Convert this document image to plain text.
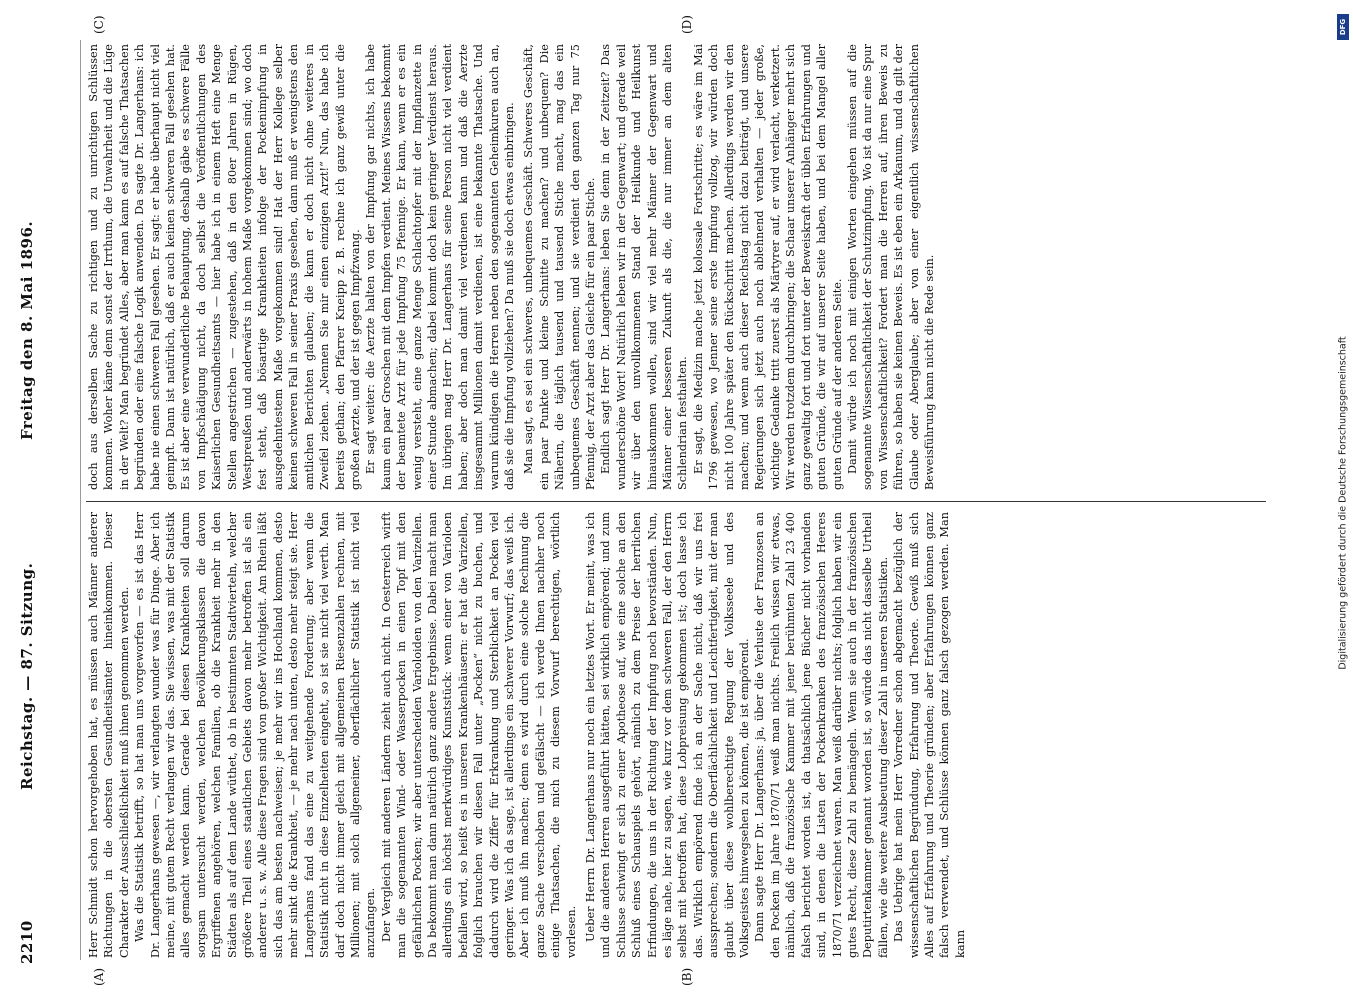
2210
Reichstag. — 87. Sitzung.
Freitag den 8. Mai 1896.
(A)	(B)
(C)	(D)

Herr Schmidt schon hervorgehoben hat, es müssen auch Männer anderer Richtungen in die obersten Gesundheitsämter hineinkommen. Dieser Charakter der Ausschließlichkeit muß ihnen genommen werden. Was die Statistik betrifft, so hat man uns vorgeworfen — es ist das Herr Dr. Langerhans gewesen —, wir verlangten wunder was für Dinge. Aber ich meine, mit gutem Recht verlangen wir das. Sie wissen, was mit der Statistik alles gemacht werden kann. Gerade bei diesen Krankheiten soll darum sorgsam untersucht werden, welchen Bevölkerungsklassen die davon Ergriffenen angehören, welchen Familien, ob die Krankheit mehr in den Städten als auf dem Lande wüthet, ob in bestimmten Stadtvierteln, welcher größere Theil eines staatlichen Gebiets davon mehr betroffen ist als ein anderer u. s. w. Alle diese Fragen sind von großer Wichtigkeit. Am Rhein läßt sich das am besten nachweisen; je mehr wir ins Hochland kommen, desto mehr sinkt die Krankheit, — je mehr nach unten, desto mehr steigt sie. Herr Langerhans fand das eine zu weitgehende Forderung; aber wenn die Statistik nicht in diese Einzelheiten eingeht, so ist sie nicht viel werth. Man darf doch nicht immer gleich mit allgemeinen Riesenzahlen rechnen, mit Millionen; mit solch allgemeiner, oberflächlicher Statistik ist nicht viel anzufangen. Der Vergleich mit anderen Ländern zieht auch nicht. In Oesterreich wirft man die sogenannten Wind- oder Wasserpocken in einen Topf mit den gefährlichen Pocken; wir aber unterscheiden Varioloiden von den Varizellen. Da bekommt man dann natürlich ganz andere Ergebnisse. Dabei macht man allerdings ein höchst merkwürdiges Kunststück: wenn einer von Varioloen befallen wird, so heißt es in unseren Krankenhäusern: er hat die Varizellen, folglich brauchen wir diesen Fall unter „Pocken“ nicht zu buchen, und dadurch wird die Ziffer für Erkrankung und Sterblichkeit an Pocken viel geringer. Was ich da sage, ist allerdings ein schwerer Vorwurf; das weiß ich. Aber ich muß ihn machen; denn es wird durch eine solche Rechnung die ganze Sache verschoben und gefälscht — ich werde Ihnen nachher noch einige Thatsachen, die mich zu diesem Vorwurf berechtigen, wörtlich vorlesen. Ueber Herrn Dr. Langerhans nur noch ein letztes Wort. Er meint, was ich und die anderen Herren ausgeführt hätten, sei wirklich empörend; und zum Schlusse schwingt er sich zu einer Apotheose auf, wie eine solche an den Schluß eines Schauspiels gehört, nämlich zu dem Preise der herrlichen Erfindungen, die uns in der Richtung der Impfung noch bevorständen. Nun, es läge nahe, hier zu sagen, wie kurz vor dem schweren Fall, der den Herrn selbst mit betroffen hat, diese Lobpreisung gekommen ist; doch lasse ich das. Wirklich empörend finde ich an der Sache nicht, daß wir uns frei aussprechen; sondern die Oberflächlichkeit und Leichtfertigkeit, mit der man glaubt über diese wohlberechtigte Regung der Volksseele und des Volksgeistes hinwegsehen zu können, die ist empörend. Dann sagte Herr Dr. Langerhans: ja, über die Verluste der Franzosen an den Pocken im Jahre 1870/71 weiß man nichts. Freilich wissen wir etwas, nämlich, daß die französische Kammer mit jener berühmten Zahl 23 400 falsch berichtet worden ist, da thatsächlich jene Bücher nicht vorhanden sind, in denen die Listen der Pockenkranken des französischen Heeres 1870/71 verzeichnet waren. Man weiß darüber nichts; folglich haben wir ein gutes Recht, diese Zahl zu bemängeln. Wenn sie auch in der französischen Deputirtenkammer genannt worden ist, so würde das nicht dasselbe Urtheil fällen, wie die weitere Ausbeutung dieser Zahl in unseren Statistiken. Das Uebrige hat mein Herr Vorredner schon abgemacht bezüglich der wissenschaftlichen Begründung, Erfahrung und Theorie. Gewiß muß sich Alles auf Erfahrung und Theorie gründen; aber Erfahrungen können ganz falsch verwendet, und Schlüsse können ganz falsch gezogen werden. Man kann

doch aus derselben Sache zu richtigen und zu unrichtigen Schlüssen kommen. Woher käme denn sonst der Irrthum, die Unwahrheit und die Lüge in der Welt? Man begründet Alles, aber man kann es auf falsche Thatsachen begründen oder eine falsche Logik anwenden. Da sagte Dr. Langerhans: ich habe nie einen schweren Fall gesehen. Er sagt: er habe überhaupt nicht viel geimpft. Dann ist natürlich, daß er auch keinen schweren Fall gesehen hat. Es ist aber eine verwunderliche Behauptung, deshalb gäbe es schwere Fälle von Impfschädigung nicht, da doch selbst die Veröffentlichungen des Kaiserlichen Gesundheitsamts — hier habe ich in einem Heft eine Menge Stellen angestrichen — zugestehen, daß in den 80er Jahren in Rügen, Westpreußen und anderwärts in hohem Maße vorgekommen sind; wo doch fest steht, daß bösartige Krankheiten infolge der Pockenimpfung in ausgedehntestem Maße vorgekommen sind! Hat der Herr Kollege selber keinen schweren Fall in seiner Praxis gesehen, dann muß er wenigstens den amtlichen Berichten glauben; die kann er doch nicht ohne weiteres in Zweifel ziehen. „Nennen Sie mir einen einzigen Arzt!“ Nun, das habe ich bereits gethan; den Pfarrer Kneipp z. B. rechne ich ganz gewiß unter die großen Aerzte, und der ist gegen Impfzwang. Er sagt weiter: die Aerzte halten von der Impfung gar nichts, ich habe kaum ein paar Groschen mit dem Impfen verdient. Meines Wissens bekommt der beamtete Arzt für jede Impfung 75 Pfennige. Er kann, wenn er es ein wenig versteht, eine ganze Menge Schlachtopfer mit der Impflanzette in einer Stunde abmachen; dabei kommt doch kein geringer Verdienst heraus. Im übrigen mag Herr Dr. Langerhans für seine Person nicht viel verdient haben; aber doch man damit viel verdienen kann und daß die Aerzte insgesammt Millionen damit verdienen, ist eine bekannte Thatsache. Und warum kündigen die Herren neben den sogenannten Geheimkuren auch an, daß sie die Impfung vollziehen? Da muß sie doch etwas einbringen. Man sagt, es sei ein schweres, unbequemes Geschäft. Schweres Geschäft, ein paar Punkte und kleine Schnitte zu machen? und unbequem? Die Näherin, die täglich tausend und tausend Stiche macht, mag das ein unbequemes Geschäft nennen; und sie verdient den ganzen Tag nur 75 Pfennig, der Arzt aber das Gleiche für ein paar Stiche. Endlich sagt Herr Dr. Langerhans: leben Sie denn in der Zeitzeit? Das wunderschöne Wort! Natürlich leben wir in der Gegenwart; und gerade weil wir über den unvollkommenen Stand der Heilkunde und Heilkunst hinauskommen wollen, sind wir viel mehr Männer der Gegenwart und Männer einer besseren Zukunft als die, die nur immer an dem alten Schlendrian festhalten. Er sagt, die Medizin mache jetzt kolossale Fortschritte; es wäre im Mai 1796 gewesen, wo Jenner seine erste Impfung vollzog, wir würden doch nicht 100 Jahre später den Rückschritt machen. Allerdings werden wir den machen; und wenn auch dieser Reichstag nicht dazu beiträgt, und unsere Regierungen sich jetzt auch noch ablehnend verhalten — jeder große, wichtige Gedanke tritt zuerst als Märtyrer auf, er wird verlacht, verketzert. Wir werden trotzdem durchbringen; die Schaar unserer Anhänger mehrt sich ganz gewaltig fort und fort unter der Beweiskraft der üblen Erfahrungen und guten Gründe, die wir auf unserer Seite haben, und bei dem Mangel aller guten Gründe auf der anderen Seite. Damit würde ich noch mit einigen Worten eingehen müssen auf die sogenannte Wissenschaftlichkeit der Schutzimpfung. Wo ist da nur eine Spur von Wissenschaftlichkeit? Fordert man die Herren auf, ihren Beweis zu führen, so haben sie keinen Beweis. Es ist eben ein Arkanum, und da gilt der Glaube oder Aberglaube; aber von einer eigentlich wissenschaftlichen Beweisführung kann nicht die Rede sein.

DFG
Digitalisierung gefördert durch die Deutsche Forschungsgemeinschaft
